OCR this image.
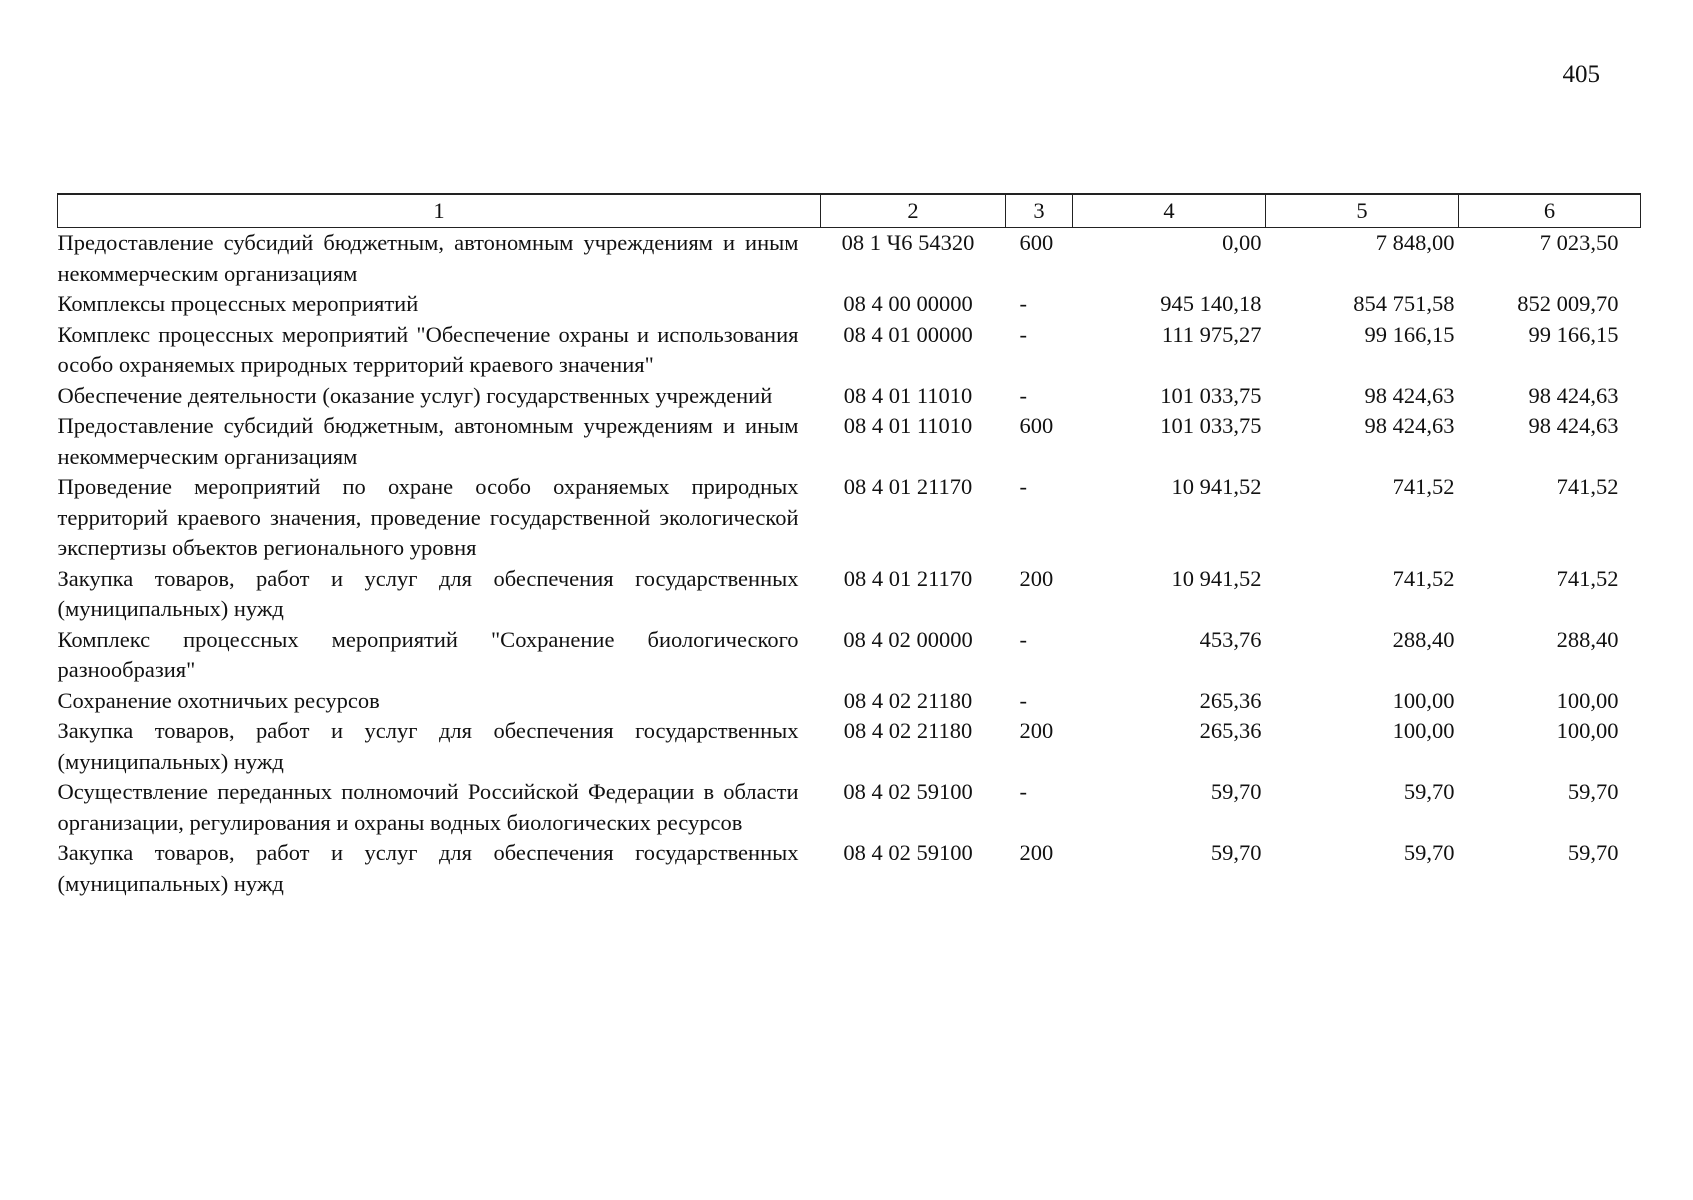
405
1	2	3	4	5	6
Предоставление субсидий бюджетным, автономным учреждениям и иным некоммерческим организациям	08 1 Ч6 54320	600	0,00	7 848,00	7 023,50
Комплексы процессных мероприятий	08 4 00 00000	-	945 140,18	854 751,58	852 009,70
Комплекс процессных мероприятий "Обеспечение охраны и использования особо охраняемых природных территорий краевого значения"	08 4 01 00000	-	111 975,27	99 166,15	99 166,15
Обеспечение деятельности (оказание услуг) государственных учреждений	08 4 01 11010	-	101 033,75	98 424,63	98 424,63
Предоставление субсидий бюджетным, автономным учреждениям и иным некоммерческим организациям	08 4 01 11010	600	101 033,75	98 424,63	98 424,63
Проведение мероприятий по охране особо охраняемых природных территорий краевого значения, проведение государственной экологической экспертизы объектов регионального уровня	08 4 01 21170	-	10 941,52	741,52	741,52
Закупка товаров, работ и услуг для обеспечения государственных (муниципальных) нужд	08 4 01 21170	200	10 941,52	741,52	741,52
Комплекс процессных мероприятий "Сохранение биологического разнообразия"	08 4 02 00000	-	453,76	288,40	288,40
Сохранение охотничьих ресурсов	08 4 02 21180	-	265,36	100,00	100,00
Закупка товаров, работ и услуг для обеспечения государственных (муниципальных) нужд	08 4 02 21180	200	265,36	100,00	100,00
Осуществление переданных полномочий Российской Федерации в области организации, регулирования и охраны водных биологических ресурсов	08 4 02 59100	-	59,70	59,70	59,70
Закупка товаров, работ и услуг для обеспечения государственных (муниципальных) нужд	08 4 02 59100	200	59,70	59,70	59,70
